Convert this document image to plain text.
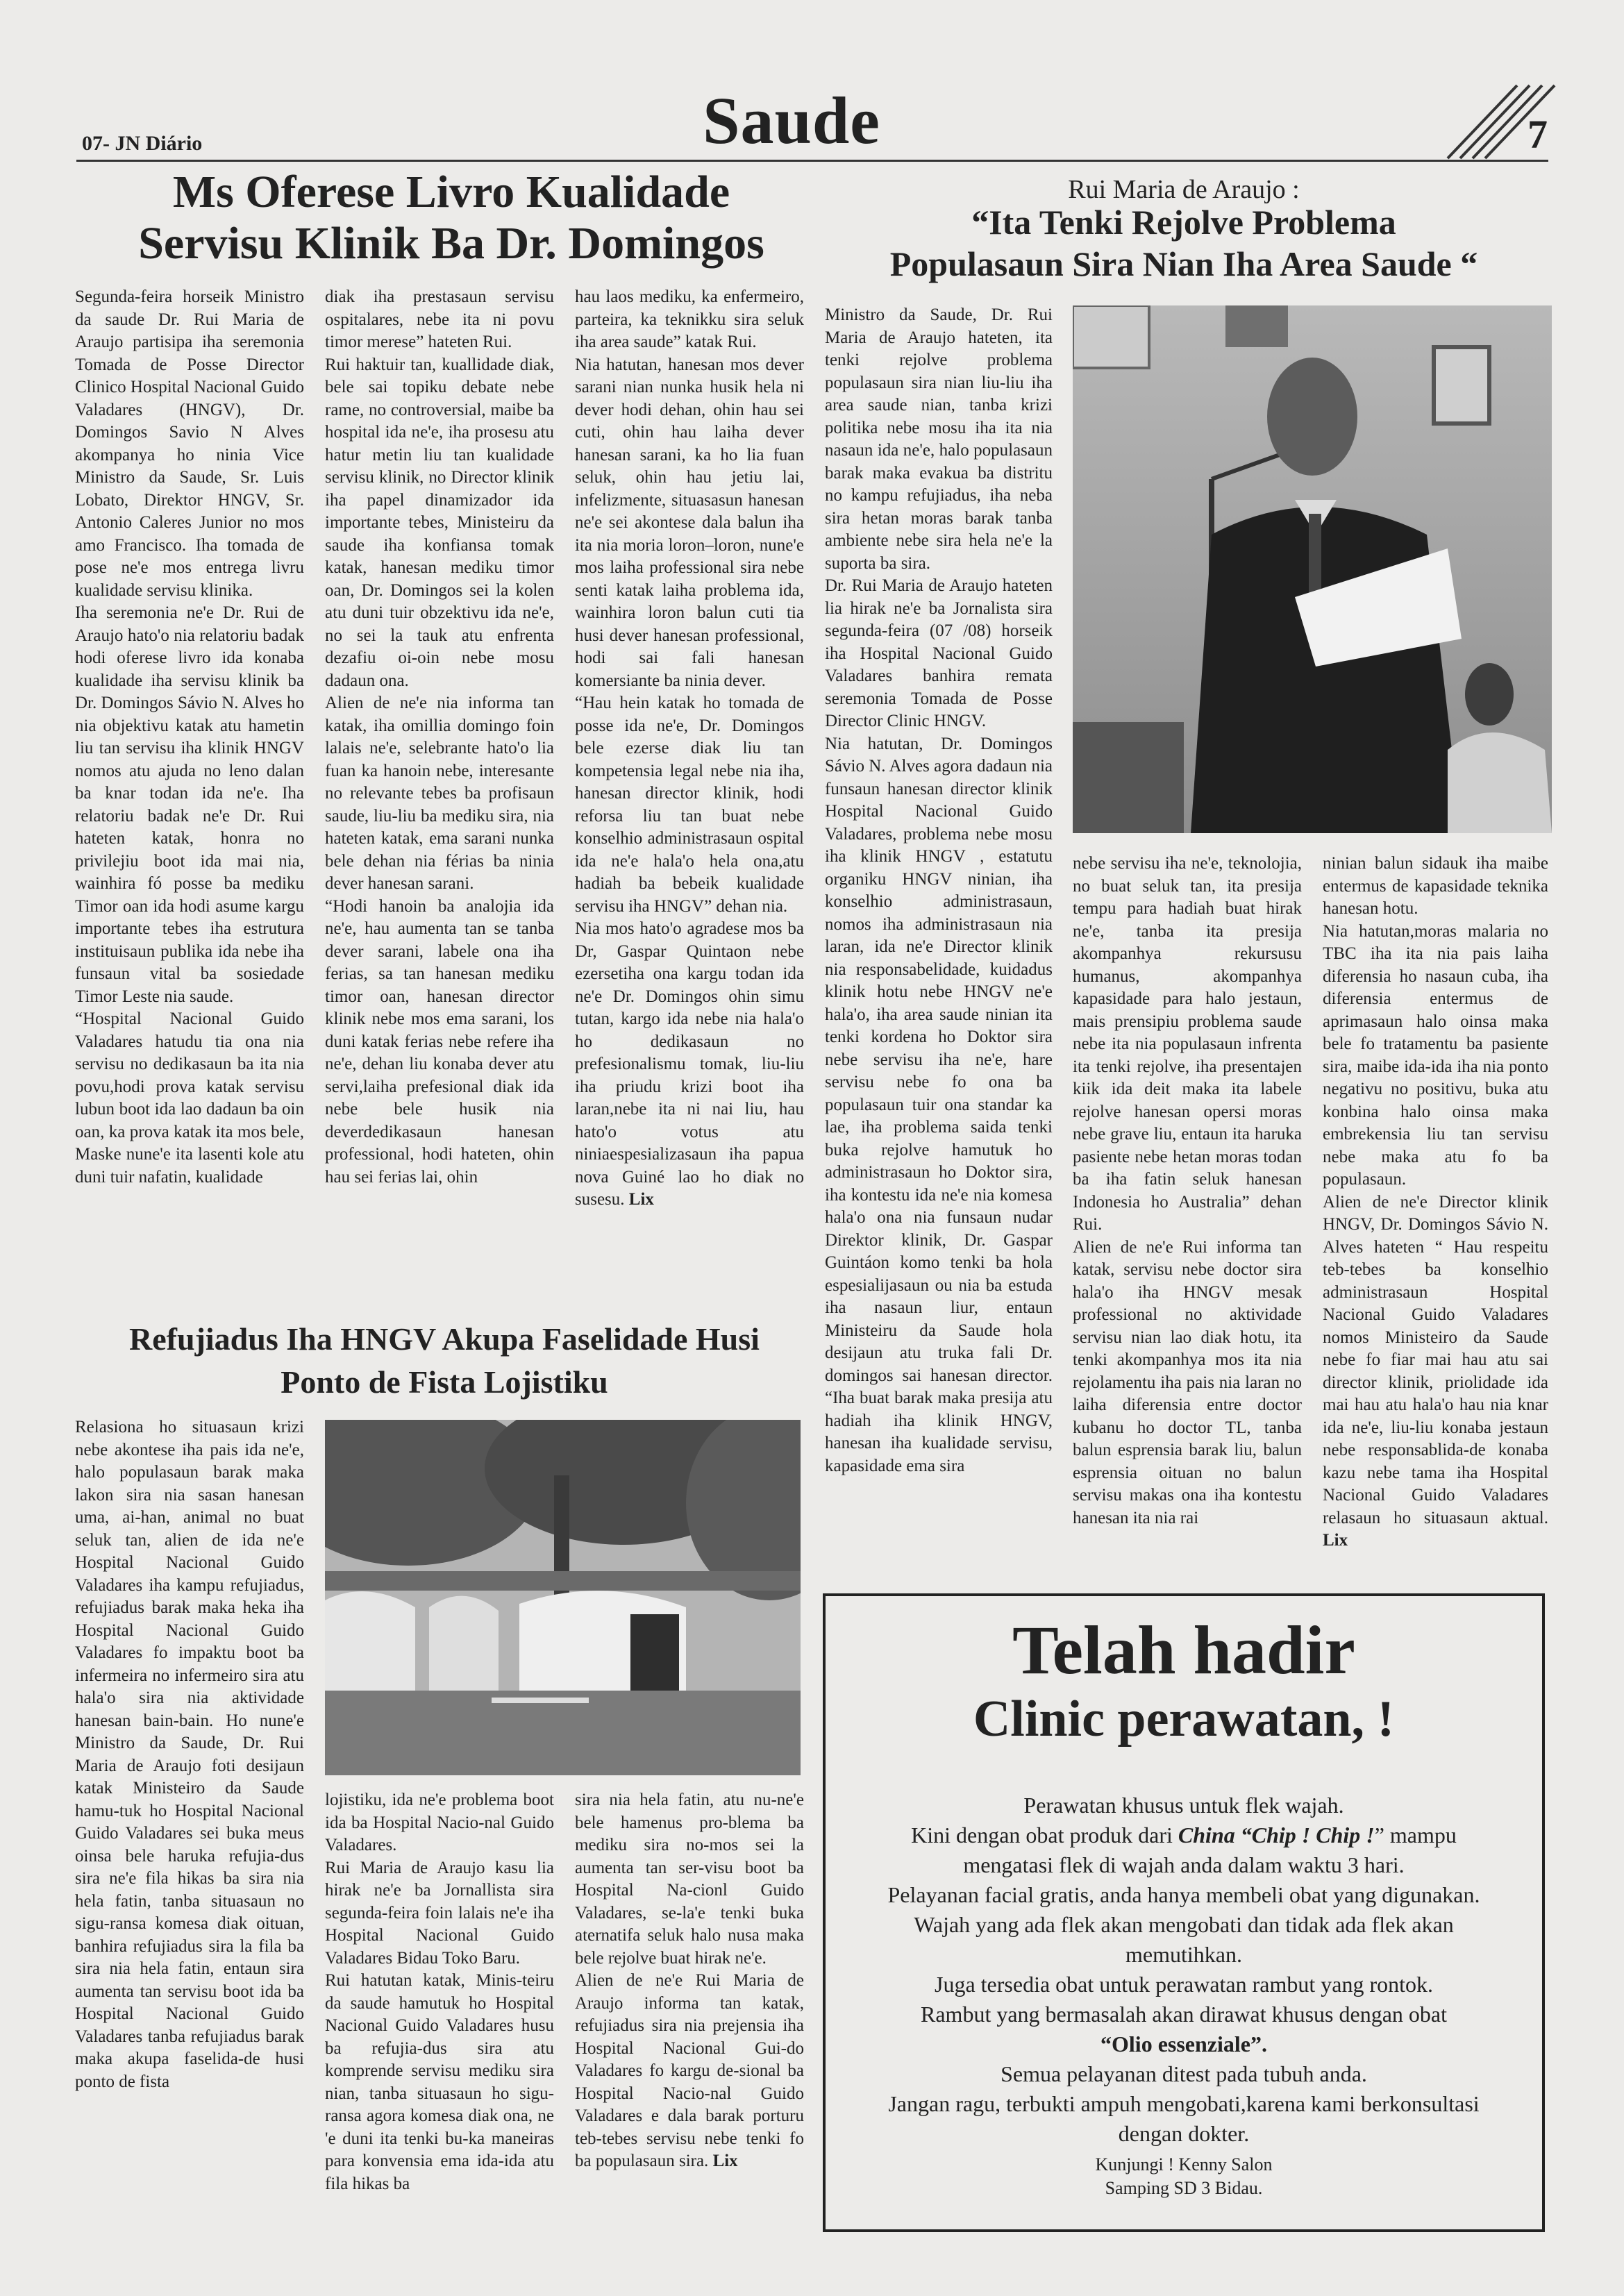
07- JN Diário	Saude	7
Ms Oferese Livro Kualidade
Servisu Klinik Ba Dr. Domingos
Segunda-feira horseik Ministro da saude Dr. Rui Maria de Araujo partisipa iha seremonia Tomada de Posse Director Clinico Hospital Nacional Guido Valadares (HNGV), Dr. Domingos Savio N Alves akompanya ho ninia Vice Ministro da Saude, Sr. Luis Lobato, Direktor HNGV, Sr. Antonio Caleres Junior no mos amo Francisco. Iha tomada de pose ne'e mos entrega livru kualidade servisu klinika.
Iha seremonia ne'e Dr. Rui de Araujo hato'o nia relatoriu badak hodi oferese livro ida konaba kualidade iha servisu klinik ba Dr. Domingos Sávio N. Alves ho nia objektivu katak atu hametin liu tan servisu iha klinik HNGV nomos atu ajuda no leno dalan ba knar todan ida ne'e. Iha relatoriu badak ne'e Dr. Rui hateten katak, honra no privilejiu boot ida mai nia, wainhira fó posse ba mediku Timor oan ida hodi asume kargu importante tebes iha estrutura instituisaun publika ida nebe iha funsaun vital ba sosiedade Timor Leste nia saude.
“Hospital Nacional Guido Valadares hatudu tia ona nia servisu no dedikasaun ba ita nia povu,hodi prova katak servisu lubun boot ida lao dadaun ba oin oan, ka prova katak ita mos bele, Maske nune'e ita lasenti kole atu duni tuir nafatin, kualidade
diak iha prestasaun servisu ospitalares, nebe ita ni povu timor merese” hateten Rui.
Rui haktuir tan, kuallidade diak, bele sai topiku debate nebe rame, no controversial, maibe ba hospital ida ne'e, iha prosesu atu hatur metin liu tan kualidade servisu klinik, no Director klinik iha papel dinamizador ida importante tebes, Ministeiru da saude iha konfiansa tomak katak, hanesan mediku timor oan, Dr. Domingos sei la kolen atu duni tuir obzektivu ida ne'e, no sei la tauk atu enfrenta dezafiu oi-oin nebe mosu dadaun ona.
Alien de ne'e nia informa tan katak, iha omillia domingo foin lalais ne'e, selebrante hato'o lia fuan ka hanoin nebe, interesante no relevante tebes ba profisaun saude, liu-liu ba mediku sira, nia hateten katak, ema sarani nunka bele dehan nia férias ba ninia dever hanesan sarani.
“Hodi hanoin ba analojia ida ne'e, hau aumenta tan se tanba dever sarani, labele ona iha ferias, sa tan hanesan mediku timor oan, hanesan director klinik nebe mos ema sarani, los duni katak ferias nebe refere iha ne'e, dehan liu konaba dever atu servi,laiha prefesional diak ida nebe bele husik nia deverdedikasaun hanesan professional, hodi hateten, ohin hau sei ferias lai, ohin
hau laos mediku, ka enfermeiro, parteira, ka teknikku sira seluk iha area saude” katak Rui.
Nia hatutan, hanesan mos dever sarani nian nunka husik hela ni dever hodi dehan, ohin hau sei cuti, ohin hau laiha dever hanesan sarani, ka ho lia fuan seluk, ohin hau jetiu lai, infelizmente, situasasun hanesan ne'e sei akontese dala balun iha ita nia moria loron–loron, nune'e mos laiha professional sira nebe senti katak laiha problema ida, wainhira loron balun cuti tia husi dever hanesan professional, hodi sai fali hanesan komersiante ba ninia dever.
“Hau hein katak ho tomada de posse ida ne'e, Dr. Domingos bele ezerse diak liu tan kompetensia legal nebe nia iha, hanesan director klinik, hodi reforsa liu tan buat nebe konselhio administrasaun ospital ida ne'e hala'o hela ona,atu hadiah ba bebeik kualidade servisu iha HNGV” dehan nia.
Nia mos hato'o agradese mos ba Dr, Gaspar Quintaon nebe ezersetiha ona kargu todan ida ne'e Dr. Domingos ohin simu tutan, kargo ida nebe nia hala'o ho dedikasaun no prefesionalismu tomak, liu-liu iha priudu krizi boot iha laran,nebe ita ni nai liu, hau hato'o votus atu niniaespesializasaun iha papua nova Guiné lao ho diak no susesu. Lix
Rui Maria de Araujo :
“Ita Tenki Rejolve Problema
Populasaun Sira Nian Iha Area Saude “
Ministro da Saude, Dr. Rui Maria de Araujo hateten, ita tenki rejolve problema populasaun sira nian liu-liu iha area saude nian, tanba krizi politika nebe mosu iha ita nia nasaun ida ne'e, halo populasaun barak maka evakua ba distritu no kampu refujiadus, iha neba sira hetan moras barak tanba ambiente nebe sira hela ne'e la suporta ba sira.
Dr. Rui Maria de Araujo hateten lia hirak ne'e ba Jornalista sira segunda-feira (07 /08) horseik iha Hospital Nacional Guido Valadares banhira remata seremonia Tomada de Posse Director Clinic HNGV.
Nia hatutan, Dr. Domingos Sávio N. Alves agora dadaun nia funsaun hanesan director klinik Hospital Nacional Guido Valadares, problema nebe mosu iha klinik HNGV , estatutu organiku HNGV ninian, iha konselhio administrasaun, nomos iha administrasaun nia laran, ida ne'e Director klinik nia responsabelidade, kuidadus klinik hotu nebe HNGV ne'e hala'o, iha area saude ninian ita tenki kordena ho Doktor sira nebe servisu iha ne'e, hare servisu nebe fo ona ba populasaun tuir ona standar ka lae, iha problema saida tenki buka rejolve hamutuk ho administrasaun ho Doktor sira, iha kontestu ida ne'e nia komesa hala'o ona nia funsaun nudar Direktor klinik, Dr. Gaspar Guintáon komo tenki ba hola espesialijasaun ou nia ba estuda iha nasaun liur, entaun Ministeiru da Saude hola desijaun atu truka fali Dr. domingos sai hanesan director. “Iha buat barak maka presija atu hadiah iha klinik HNGV, hanesan iha kualidade servisu, kapasidade ema sira
nebe servisu iha ne'e, teknolojia, no buat seluk tan, ita presija tempu para hadiah buat hirak ne'e, tanba ita presija akompanhya rekursusu humanus, akompanhya kapasidade para halo jestaun, mais prensipiu problema saude nebe ita nia populasaun infrenta ita tenki rejolve, iha presentajen kiik ida deit maka ita labele rejolve hanesan opersi moras nebe grave liu, entaun ita haruka pasiente nebe hetan moras todan ba iha fatin seluk hanesan Indonesia ho Australia” dehan Rui.
Alien de ne'e Rui informa tan katak, servisu nebe doctor sira hala'o iha HNGV mesak professional no aktividade servisu nian lao diak hotu, ita tenki akompanhya mos ita nia rejolamentu iha pais nia laran no laiha diferensia entre doctor kubanu ho doctor TL, tanba balun esprensia barak liu, balun esprensia oituan no balun servisu makas ona iha kontestu hanesan ita nia rai
ninian balun sidauk iha maibe entermus de kapasidade teknika hanesan hotu.
Nia hatutan,moras malaria no TBC iha ita nia pais laiha diferensia ho nasaun cuba, iha diferensia entermus de aprimasaun halo oinsa maka bele fo tratamentu ba pasiente sira, maibe ida-ida iha nia ponto negativu no positivu, buka atu konbina halo oinsa maka embrekensia liu tan servisu nebe maka atu fo ba populasaun.
Alien de ne'e Director klinik HNGV, Dr. Domingos Sávio N. Alves hateten “ Hau respeitu teb-tebes ba konselhio administrasaun Hospital Nacional Guido Valadares nomos Ministeiro da Saude nebe fo fiar mai hau atu sai director klinik, priolidade ida mai hau atu hala'o hau nia knar ida ne'e, liu-liu konaba jestaun nebe responsablida-de konaba kazu nebe tama iha Hospital Nacional Guido Valadares relasaun ho situasaun aktual. Lix
Refujiadus Iha HNGV Akupa Faselidade Husi
Ponto de Fista Lojistiku
Relasiona ho situasaun krizi nebe akontese iha pais ida ne'e, halo populasaun barak maka lakon sira nia sasan hanesan uma, ai-han, animal no buat seluk tan, alien de ida ne'e Hospital Nacional Guido Valadares iha kampu refujiadus, refujiadus barak maka heka iha Hospital Nacional Guido Valadares fo impaktu boot ba infermeira no infermeiro sira atu hala'o sira nia aktividade hanesan bain-bain. Ho nune'e Ministro da Saude, Dr. Rui Maria de Araujo foti desijaun katak Ministeiro da Saude hamu-tuk ho Hospital Nacional Guido Valadares sei buka meus oinsa bele haruka refujia-dus sira ne'e fila hikas ba sira nia hela fatin, tanba situasaun no sigu-ransa komesa diak oituan, banhira refujiadus sira la fila ba sira nia hela fatin, entaun sira aumenta tan servisu boot ida ba Hospital Nacional Guido Valadares tanba refujiadus barak maka akupa faselida-de husi ponto de fista
lojistiku, ida ne'e problema boot ida ba Hospital Nacio-nal Guido Valadares.
Rui Maria de Araujo kasu lia hirak ne'e ba Jornallista sira segunda-feira foin lalais ne'e iha Hospital Nacional Guido Valadares Bidau Toko Baru.
Rui hatutan katak, Minis-teiru da saude hamutuk ho Hospital Nacional Guido Valadares husu ba refujia-dus sira atu komprende servisu mediku sira nian, tanba situasaun ho sigu-ransa agora komesa diak ona, ne 'e duni ita tenki bu-ka maneiras para konvensia ema ida-ida atu fila hikas ba
sira nia hela fatin, atu nu-ne'e bele hamenus pro-blema ba mediku sira no-mos sei la aumenta tan ser-visu boot ba Hospital Na-cionl Guido Valadares, se-la'e tenki buka aternatifa seluk halo nusa maka bele rejolve buat hirak ne'e.
Alien de ne'e Rui Maria de Araujo informa tan katak, refujiadus sira nia prejensia iha Hospital Nacional Gui-do Valadares fo kargu de-sional ba Hospital Nacio-nal Guido Valadares e dala barak porturu teb-tebes servisu nebe tenki fo ba populasaun sira. Lix
Telah hadir
Clinic perawatan, !
Perawatan khusus untuk flek wajah.
Kini dengan obat produk dari China “Chip ! Chip !” mampu
mengatasi flek di wajah anda dalam waktu 3 hari.
Pelayanan facial gratis, anda hanya membeli obat yang digunakan.
Wajah yang ada flek akan mengobati dan tidak ada flek akan
memutihkan.
Juga tersedia obat untuk perawatan rambut yang rontok.
Rambut yang bermasalah akan dirawat khusus dengan obat
“Olio essenziale”.
Semua pelayanan ditest pada tubuh anda.
Jangan ragu, terbukti ampuh mengobati,karena kami berkonsultasi
dengan dokter.
Kunjungi ! Kenny Salon
Samping SD 3 Bidau.
